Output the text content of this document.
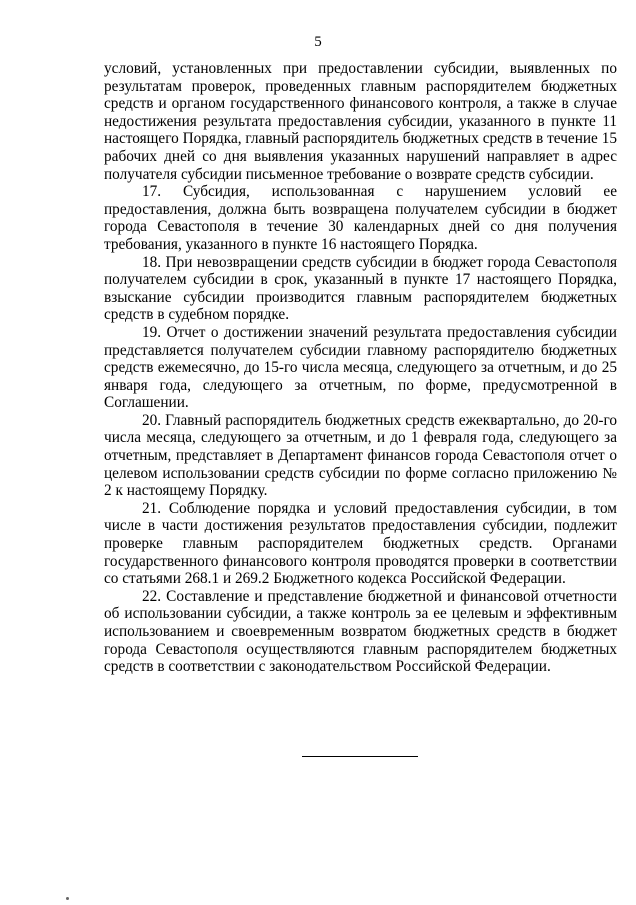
5

условий, установленных при предоставлении субсидии, выявленных по результатам проверок, проведенных главным распорядителем бюджетных средств и органом государственного финансового контроля, а также в случае недостижения результата предоставления субсидии, указанного в пункте 11 настоящего Порядка, главный распорядитель бюджетных средств в течение 15 рабочих дней со дня выявления указанных нарушений направляет в адрес получателя субсидии письменное требование о возврате средств субсидии.

17. Субсидия, использованная с нарушением условий ее предоставления, должна быть возвращена получателем субсидии в бюджет города Севастополя в течение 30 календарных дней со дня получения требования, указанного в пункте 16 настоящего Порядка.

18. При невозвращении средств субсидии в бюджет города Севастополя получателем субсидии в срок, указанный в пункте 17 настоящего Порядка, взыскание субсидии производится главным распорядителем бюджетных средств в судебном порядке.

19. Отчет о достижении значений результата предоставления субсидии представляется получателем субсидии главному распорядителю бюджетных средств ежемесячно, до 15-го числа месяца, следующего за отчетным, и до 25 января года, следующего за отчетным, по форме, предусмотренной в Соглашении.

20. Главный распорядитель бюджетных средств ежеквартально, до 20-го числа месяца, следующего за отчетным, и до 1 февраля года, следующего за отчетным, представляет в Департамент финансов города Севастополя отчет о целевом использовании средств субсидии по форме согласно приложению № 2 к настоящему Порядку.

21. Соблюдение порядка и условий предоставления субсидии, в том числе в части достижения результатов предоставления субсидии, подлежит проверке главным распорядителем бюджетных средств. Органами государственного финансового контроля проводятся проверки в соответствии со статьями 268.1 и 269.2 Бюджетного кодекса Российской Федерации.

22. Составление и представление бюджетной и финансовой отчетности об использовании субсидии, а также контроль за ее целевым и эффективным использованием и своевременным возвратом бюджетных средств в бюджет города Севастополя осуществляются главным распорядителем бюджетных средств в соответствии с законодательством Российской Федерации.
